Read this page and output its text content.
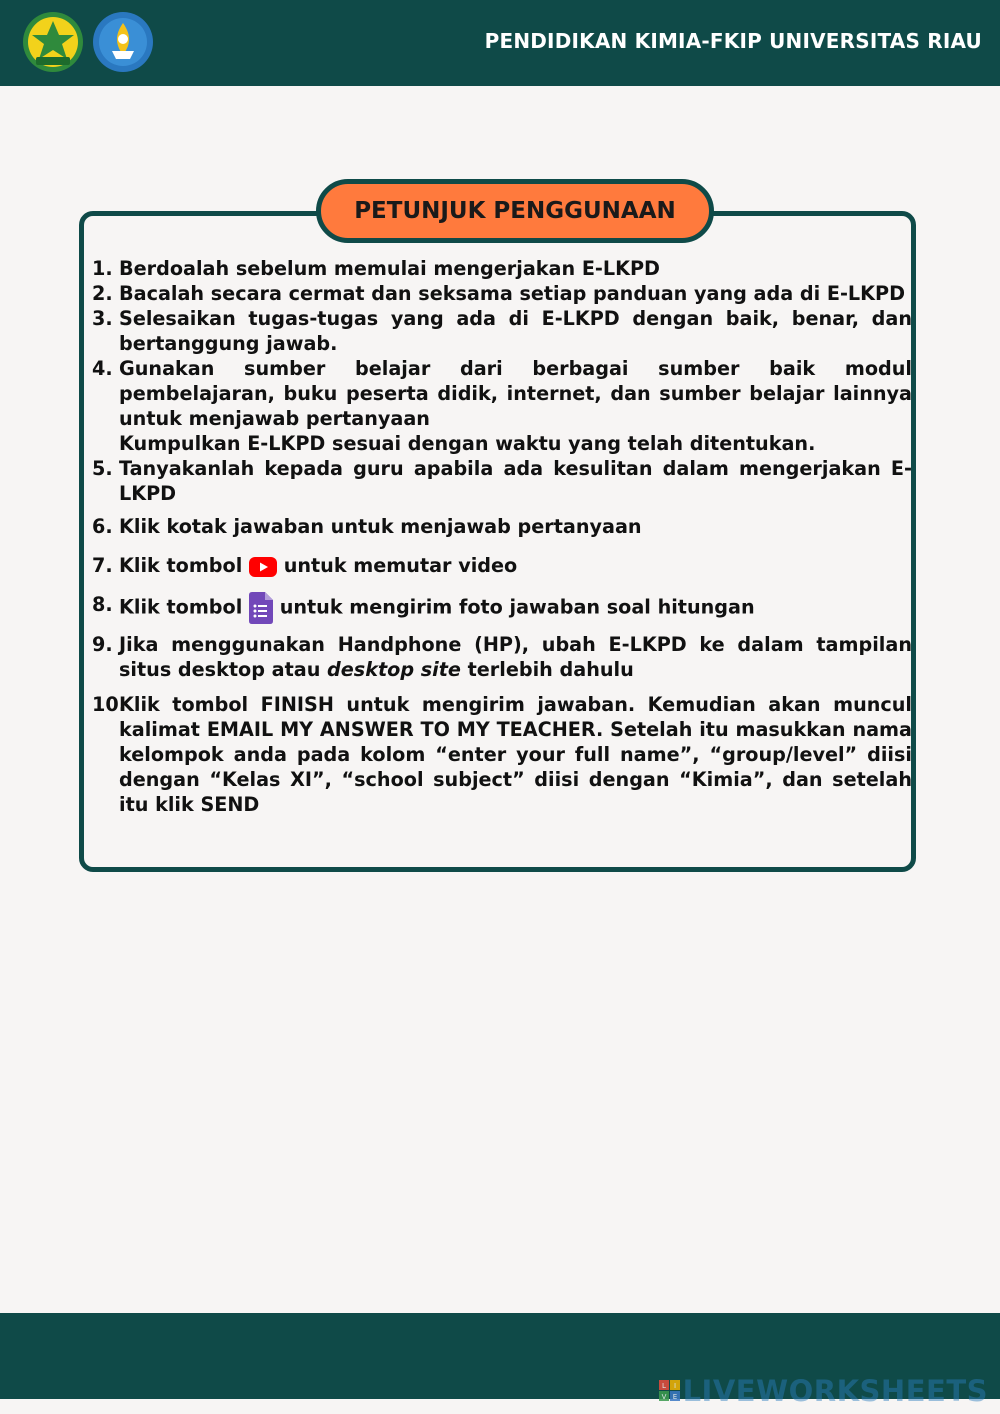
PENDIDIKAN KIMIA-FKIP UNIVERSITAS RIAU
PETUNJUK PENGGUNAAN
1. Berdoalah sebelum memulai mengerjakan E-LKPD
2. Bacalah secara cermat dan seksama setiap panduan yang ada di E-LKPD
3. Selesaikan tugas-tugas yang ada di E-LKPD dengan baik, benar, dan bertanggung jawab.
4. Gunakan sumber belajar dari berbagai sumber baik modul pembelajaran, buku peserta didik, internet, dan sumber belajar lainnya untuk menjawab pertanyaan
Kumpulkan E-LKPD sesuai dengan waktu yang telah ditentukan.
5. Tanyakanlah kepada guru apabila ada kesulitan dalam mengerjakan E-LKPD
6. Klik kotak jawaban untuk menjawab pertanyaan
7. Klik tombol untuk memutar video
8. Klik tombol untuk mengirim foto jawaban soal hitungan
9. Jika menggunakan Handphone (HP), ubah E-LKPD ke dalam tampilan situs desktop atau desktop site terlebih dahulu
10.
Klik tombol FINISH untuk mengirim jawaban. Kemudian akan muncul kalimat EMAIL MY ANSWER TO MY TEACHER. Setelah itu masukkan nama kelompok anda pada kolom “enter your full name”, “group/level” diisi dengan “Kelas XI”, “school subject” diisi dengan “Kimia”, dan setelah itu klik SEND
L I
V E LIVEWORKSHEETS
